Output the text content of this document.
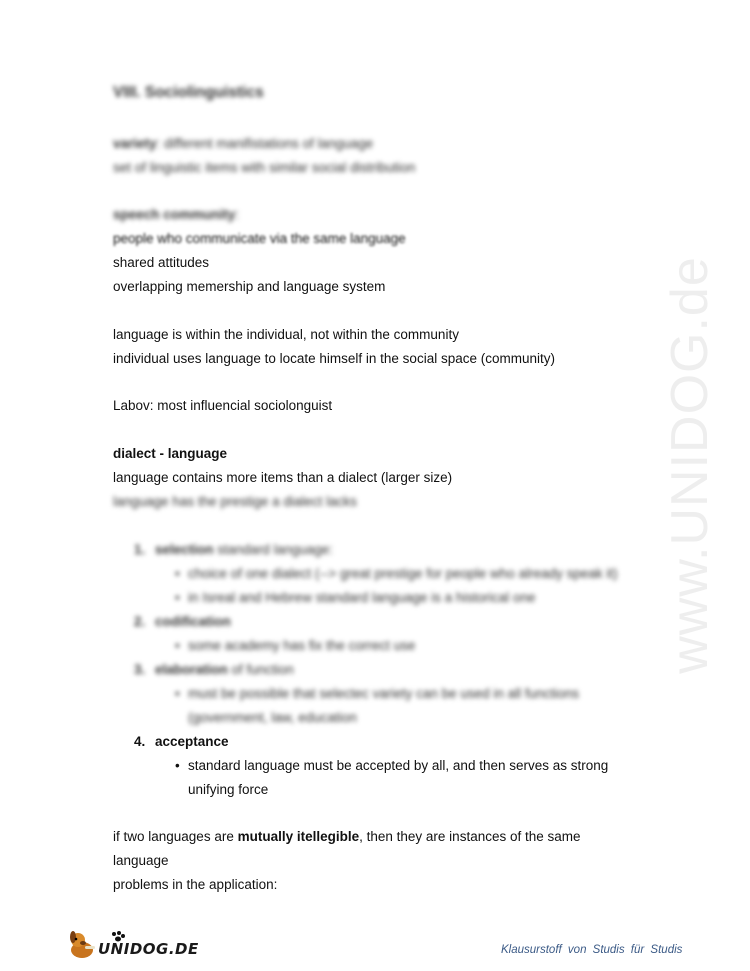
www.UNIDOG.de

VIII. Sociolinguistics

variety: different manifistations of language

set of linguistic items with similar social distribution

speech community:

people who communicate via the same language

shared attitudes

overlapping memership and language system

language is within the individual, not within the community

individual uses language to locate himself in the social space (community)

Labov: most influencial sociolonguist

dialect - language

language contains more items than a dialect (larger size)

language has the prestige a dialect lacks

1. selection standard language:
• choice of one dialect (--> great prestige for people who already speak it)
• in Isreal and Hebrew standard language is a historical one
2. codification
• some academy has fix the correct use
3. elaboration of function
• must be possible that selectec variety can be used in all functions
(government, law, education
4. acceptance
• standard language must be accepted by all, and then serves as strong
unifying force

if two languages are mutually itellegible, then they are instances of the same

language

problems in the application:

UNIDOG.DE	Klausurstoff von Studis für Studis
